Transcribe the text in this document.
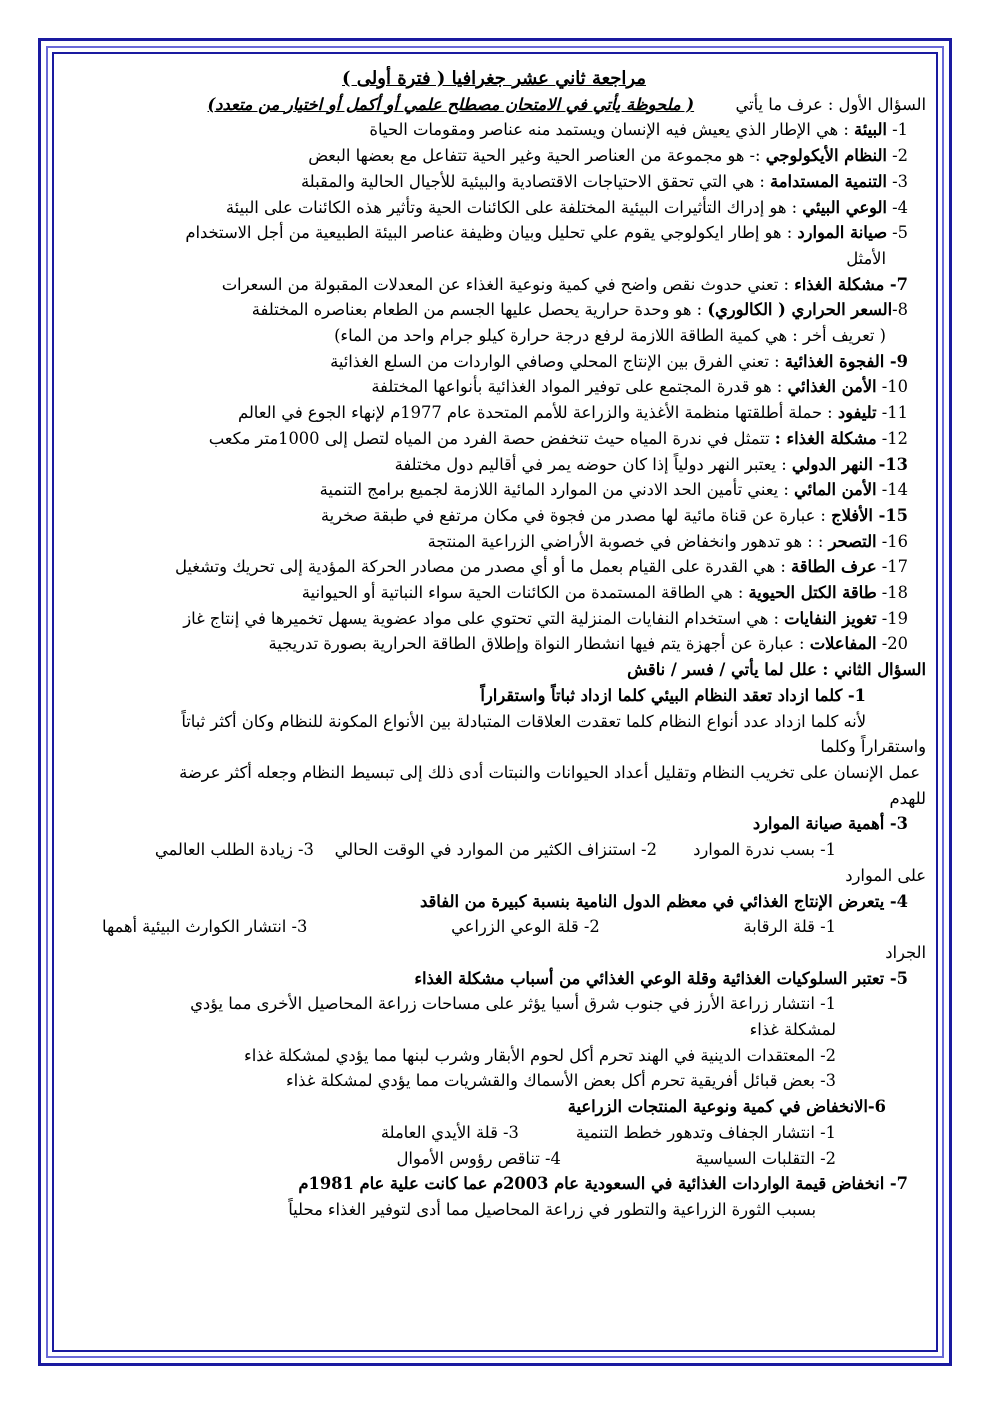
مراجعة ثاني عشر جغرافيا ( فترة أولى )
السؤال الأول : عرف ما يأتي        ( ملحوظة يأتي في الامتحان مصطلح علمي أو أكمل أو اختيار من متعدد)
1- البيئة : هي الإطار الذي يعيش فيه الإنسان ويستمد منه عناصر ومقومات الحياة
2- النظام الأيكولوجي :- هو مجموعة من العناصر الحية وغير الحية تتفاعل مع بعضها البعض
3- التنمية المستدامة : هي التي تحقق الاحتياجات الاقتصادية والبيئية للأجيال الحالية والمقبلة
4- الوعي البيئي : هو إدراك التأثيرات البيئية المختلفة على الكائنات الحية وتأثير هذه الكائنات على البيئة
5- صيانة الموارد : هو إطار ايكولوجي يقوم علي تحليل وبيان وظيفة عناصر البيئة الطبيعية من أجل الاستخدام
الأمثل
7- مشكلة الغذاء : تعني حدوث نقص واضح في كمية ونوعية الغذاء عن المعدلات المقبولة من السعرات
8-السعر الحراري ( الكالوري) : هو وحدة حرارية يحصل عليها الجسم من الطعام بعناصره المختلفة
( تعريف أخر : هي كمية الطاقة اللازمة لرفع درجة حرارة كيلو جرام واحد من الماء)
9- الفجوة الغذائية : تعني الفرق بين الإنتاج المحلي وصافي الواردات من السلع الغذائية
10- الأمن الغذائي : هو قدرة المجتمع على توفير المواد الغذائية بأنواعها المختلفة
11- تليفود : حملة أطلقتها منظمة الأغذية والزراعة للأمم المتحدة عام 1977م لإنهاء الجوع في العالم
12- مشكلة الغذاء : تتمثل في ندرة المياه حيث تنخفض حصة الفرد من المياه لتصل إلى 1000متر مكعب
13- النهر الدولي : يعتبر النهر دولياً إذا كان حوضه يمر في أقاليم دول مختلفة
14- الأمن المائي : يعني تأمين الحد الادني من الموارد المائية اللازمة لجميع برامج التنمية
15- الأفلاج : عبارة عن قناة مائية لها مصدر من فجوة في مكان مرتفع في طبقة صخرية
16- التصحر : : هو تدهور وانخفاض في خصوبة الأراضي الزراعية المنتجة
17- عرف الطاقة : هي القدرة على القيام بعمل ما أو أي مصدر من مصادر الحركة المؤدية إلى تحريك وتشغيل
18- طاقة الكتل الحيوية : هي الطاقة المستمدة من الكائنات الحية سواء النباتية أو الحيوانية
19- تغويز النفايات : هي استخدام النفايات المنزلية التي تحتوي على مواد عضوية يسهل تخميرها في إنتاج غاز
20- المفاعلات : عبارة عن أجهزة يتم فيها انشطار النواة وإطلاق الطاقة الحرارية بصورة تدريجية
السؤال الثاني : علل لما يأتي / فسر / ناقش
1- كلما ازداد تعقد النظام البيئي كلما ازداد ثباتاً واستقراراً
لأنه كلما ازداد عدد أنواع النظام كلما تعقدت العلاقات المتبادلة بين الأنواع المكونة للنظام وكان أكثر ثباتاً
واستقراراً وكلما
عمل الإنسان على تخريب النظام وتقليل أعداد الحيوانات والنبتات أدى ذلك إلى تبسيط النظام وجعله أكثر عرضة
للهدم
3- أهمية صيانة الموارد
1- بسب ندرة الموارد       2- استنزاف الكثير من الموارد في الوقت الحالي    3- زيادة الطلب العالمي
على الموارد
4- يتعرض الإنتاج الغذائي في معظم الدول النامية بنسبة كبيرة من الفاقد
1- قلة الرقابة
2- قلة الوعي الزراعي
3- انتشار الكوارث البيئية أهمها
الجراد
5- تعتبر السلوكيات الغذائية وقلة الوعي الغذائي من أسباب مشكلة الغذاء
1- انتشار زراعة الأرز في جنوب شرق أسيا يؤثر على مساحات زراعة المحاصيل الأخرى مما يؤدي
لمشكلة غذاء
2- المعتقدات الدينية في الهند تحرم أكل لحوم الأبقار وشرب لبنها مما يؤدي لمشكلة غذاء
3- بعض قبائل أفريقية تحرم أكل بعض الأسماك والقشريات مما يؤدي لمشكلة غذاء
6-الانخفاض في كمية ونوعية المنتجات الزراعية
1- انتشار الجفاف وتدهور خطط التنمية           3- قلة الأيدي العاملة
2- التقلبات السياسية                          4- تناقص رؤوس الأموال
7- انخفاض قيمة الواردات الغذائية في السعودية عام 2003م عما كانت علية عام 1981م
بسبب الثورة الزراعية والتطور في زراعة المحاصيل مما أدى لتوفير الغذاء محلياً
